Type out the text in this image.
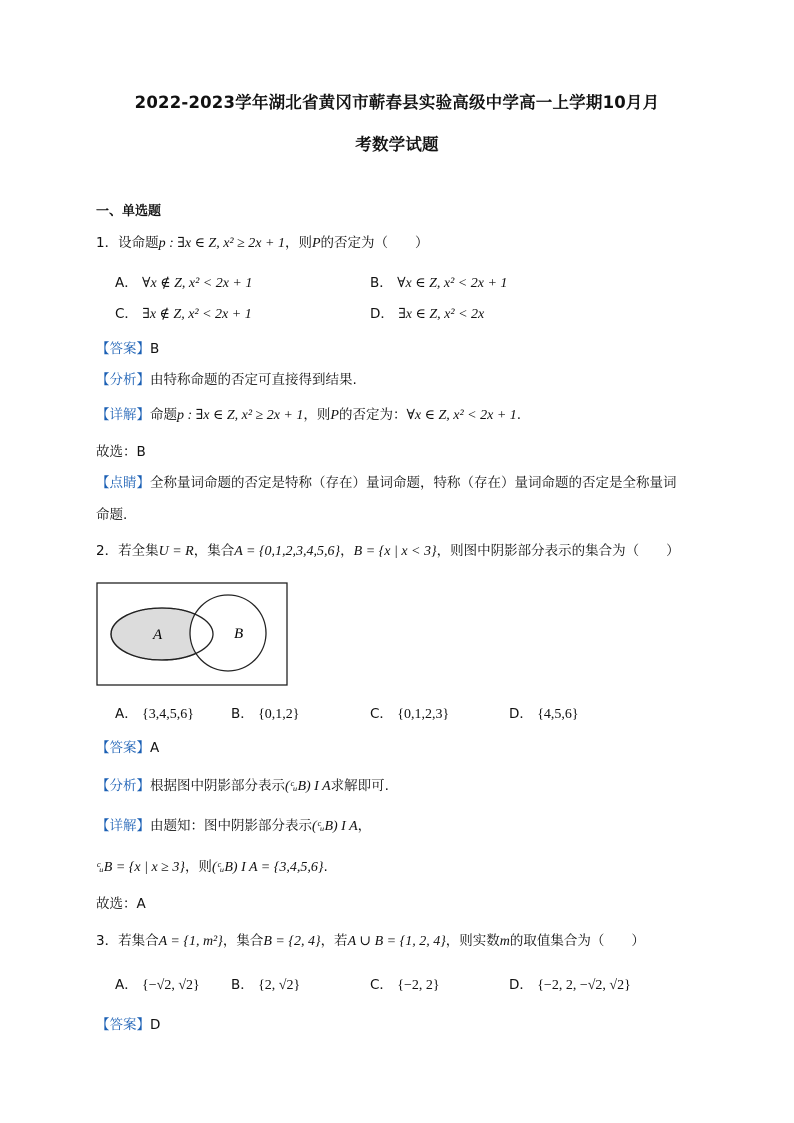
2022-2023学年湖北省黄冈市蕲春县实验高级中学高一上学期10月月
考数学试题
一、单选题
1．设命题p : ∃x ∈ Z, x² ≥ 2x + 1，则P的否定为（　　）
A． ∀x ∉ Z, x² < 2x + 1	B． ∀x ∈ Z, x² < 2x + 1
C． ∃x ∉ Z, x² < 2x + 1	D． ∃x ∈ Z, x² < 2x
【答案】B
【分析】由特称命题的否定可直接得到结果.
【详解】命题p : ∃x ∈ Z, x² ≥ 2x + 1，则P的否定为：∀x ∈ Z, x² < 2x + 1.
故选：B
【点睛】全称量词命题的否定是特称（存在）量词命题，特称（存在）量词命题的否定是全称量词
命题.
2．若全集U = R，集合A = {0,1,2,3,4,5,6}，B = {x | x < 3}，则图中阴影部分表示的集合为（　　）
A	B
A． {3,4,5,6}	B． {0,1,2}	C． {0,1,2,3}	D． {4,5,6}
【答案】A
【分析】根据图中阴影部分表示(ᶜᵤB) I A求解即可.
【详解】由题知：图中阴影部分表示(ᶜᵤB) I A，
ᶜᵤB = {x | x ≥ 3}，则(ᶜᵤB) I A = {3,4,5,6}.
故选：A
3．若集合A = {1, m²}，集合B = {2, 4}，若A ∪ B = {1, 2, 4}，则实数m的取值集合为（　　）
A． {−√2, √2} B． {2, √2}	C． {−2, 2}	D． {−2, 2, −√2, √2}
【答案】D
